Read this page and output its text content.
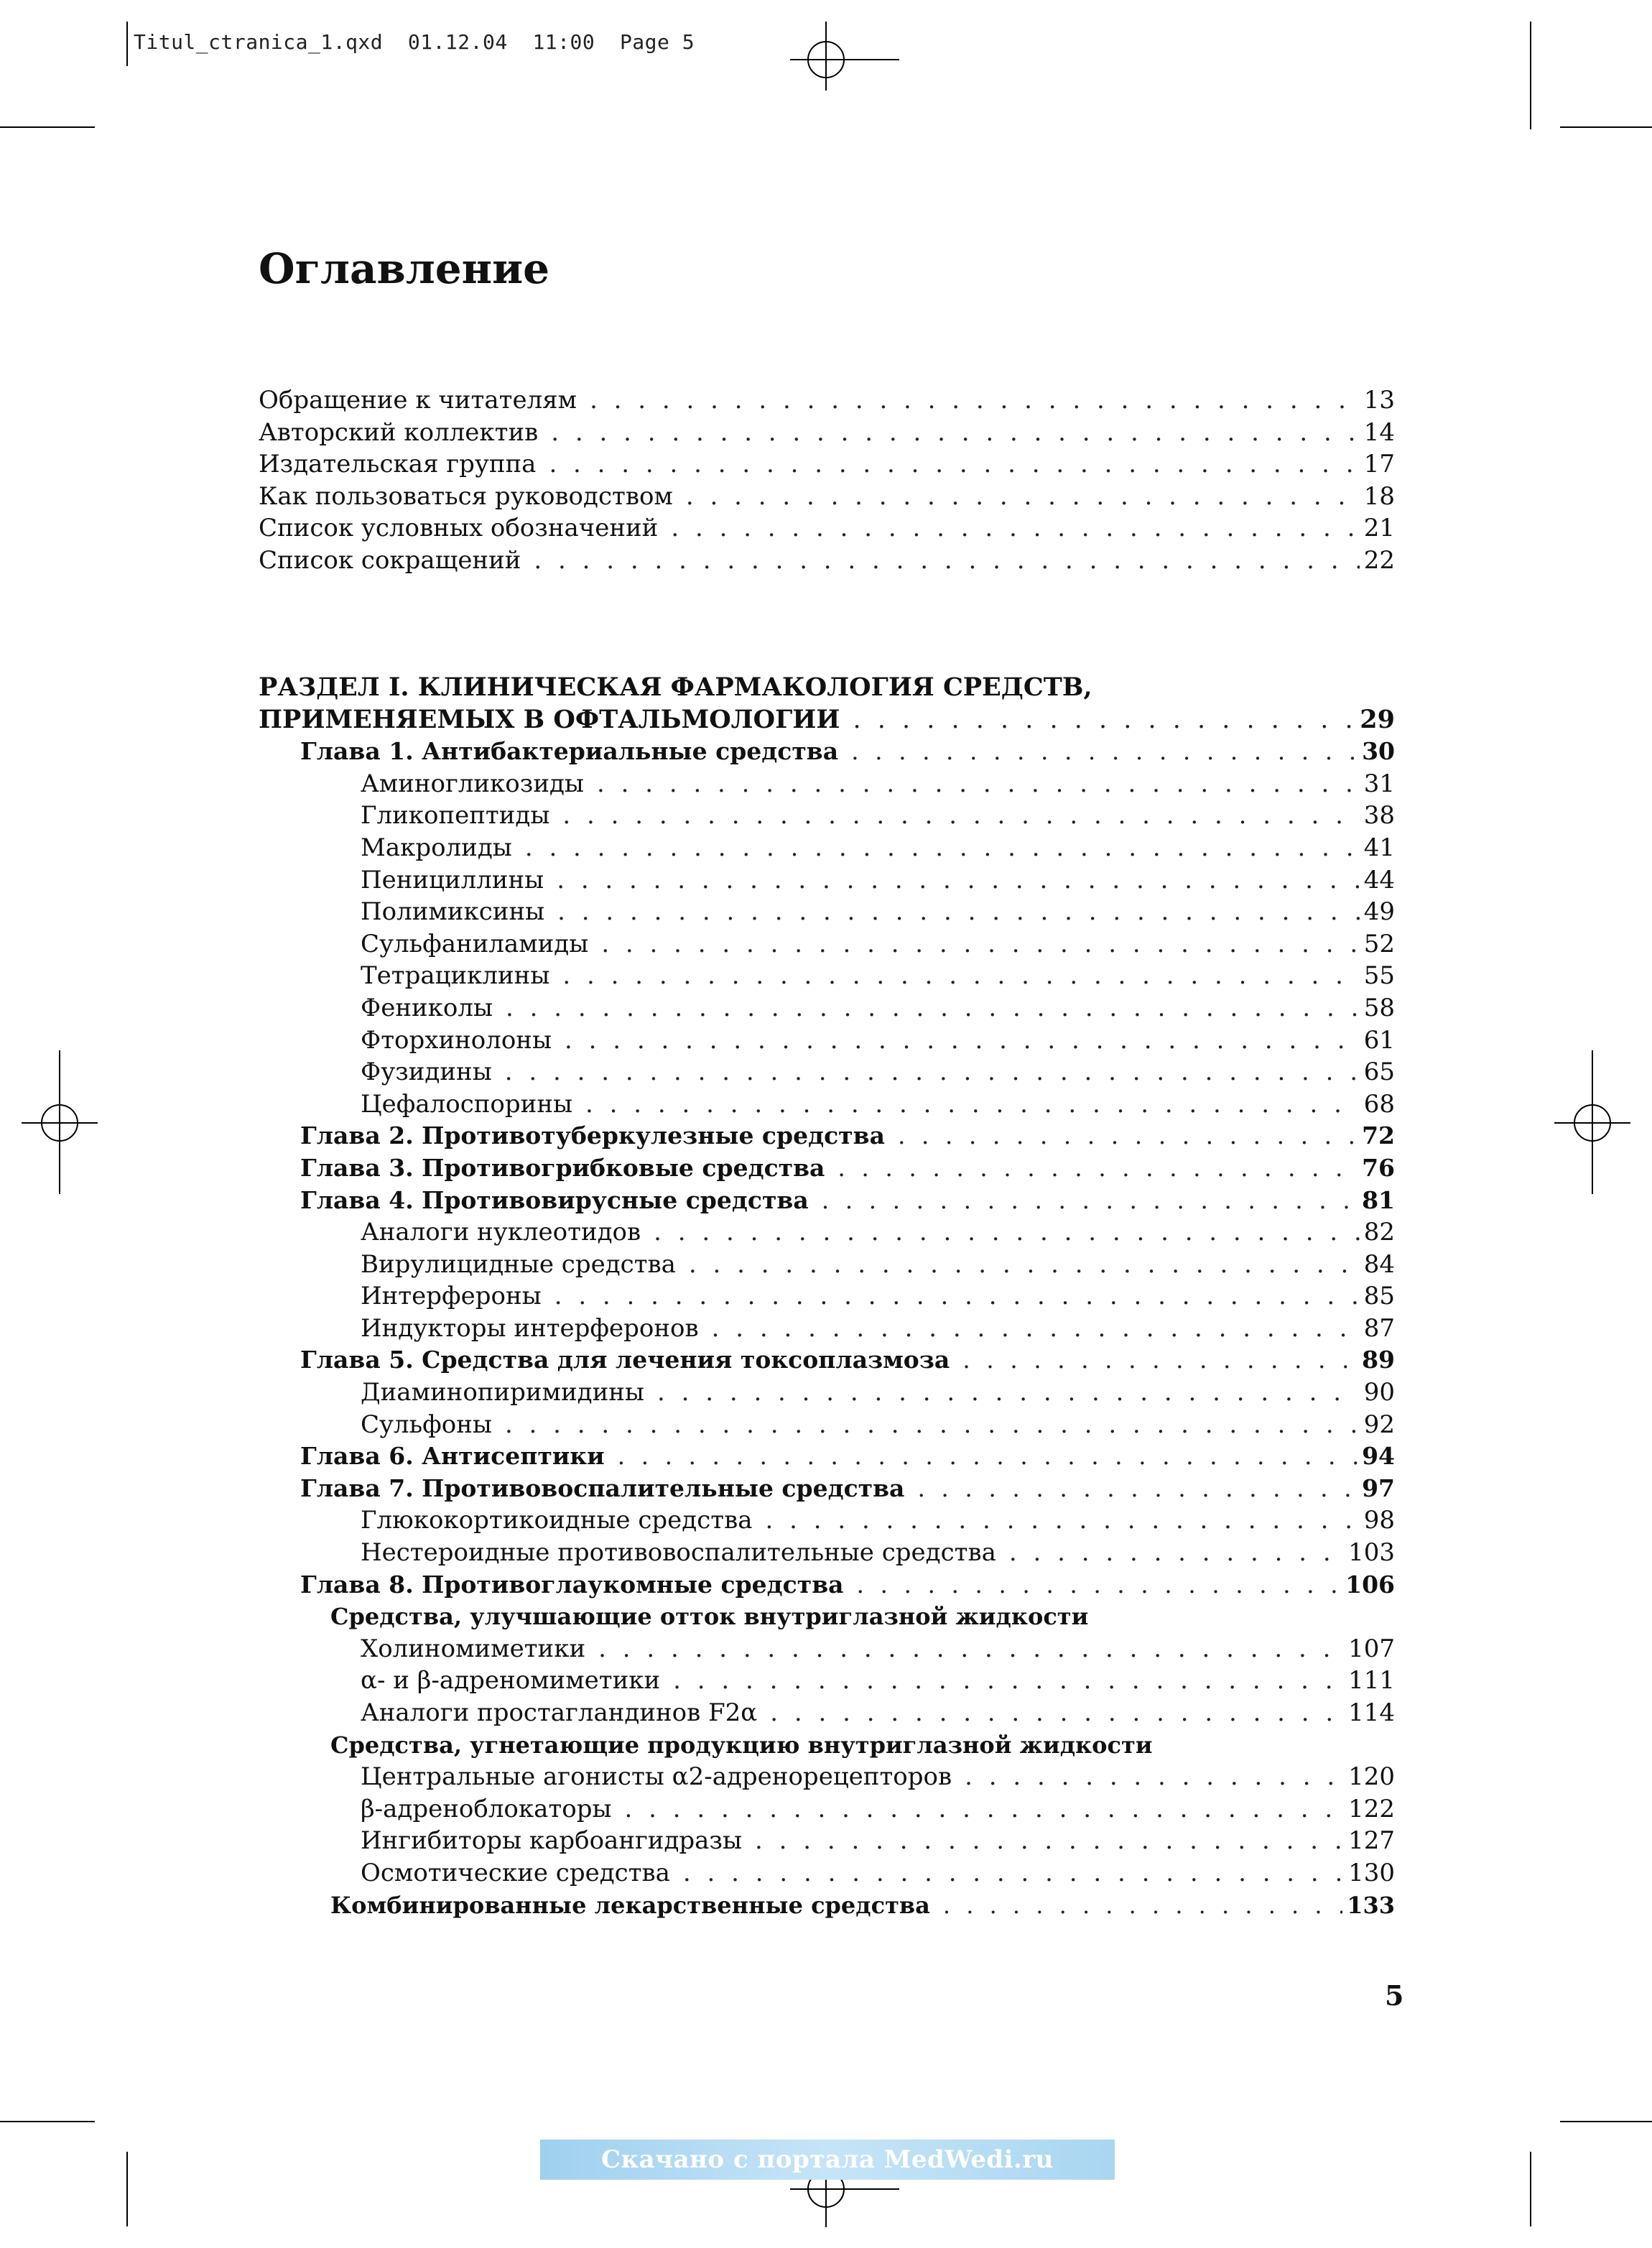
Titul_ctranica_1.qxd  01.12.04  11:00  Page 5
Оглавление
Обращение к читателям . . .	13
Авторский коллектив . . .	14
Издательская группа . . .	17
Как пользоваться руководством . . .	18
Список условных обозначений . . .	21
Список сокращений . . .	22
РАЗДЕЛ I. КЛИНИЧЕСКАЯ ФАРМАКОЛОГИЯ СРЕДСТВ,
ПРИМЕНЯЕМЫХ В ОФТАЛЬМОЛОГИИ . . .	29
Глава 1. Антибактериальные средства . . .	30
Аминогликозиды . . .	31
Гликопептиды . . .	38
Макролиды . . .	41
Пенициллины . . .	44
Полимиксины . . .	49
Сульфаниламиды . . .	52
Тетрациклины . . .	55
Фениколы . . .	58
Фторхинолоны . . .	61
Фузидины . . .	65
Цефалоспорины . . .	68
Глава 2. Противотуберкулезные средства . . .	72
Глава 3. Противогрибковые средства . . .	76
Глава 4. Противовирусные средства . . .	81
Аналоги нуклеотидов . . .	82
Вирулицидные средства . . .	84
Интерфероны . . .	85
Индукторы интерферонов . . .	87
Глава 5. Средства для лечения токсоплазмоза . . .	89
Диаминопиримидины . . .	90
Сульфоны . . .	92
Глава 6. Антисептики . . .	94
Глава 7. Противовоспалительные средства . . .	97
Глюкокортикоидные средства . . .	98
Нестероидные противовоспалительные средства . . .	103
Глава 8. Противоглаукомные средства . . .	106
Средства, улучшающие отток внутриглазной жидкости
Холиномиметики . . .	107
α- и β-адреномиметики . . .	111
Аналоги простагландинов F2α . . .	114
Средства, угнетающие продукцию внутриглазной жидкости
Центральные агонисты α2-адренорецепторов . . .	120
β-адреноблокаторы . . .	122
Ингибиторы карбоангидразы . . .	127
Осмотические средства . . .	130
Комбинированные лекарственные средства . . .	133
5
Скачано с портала MedWedi.ru
